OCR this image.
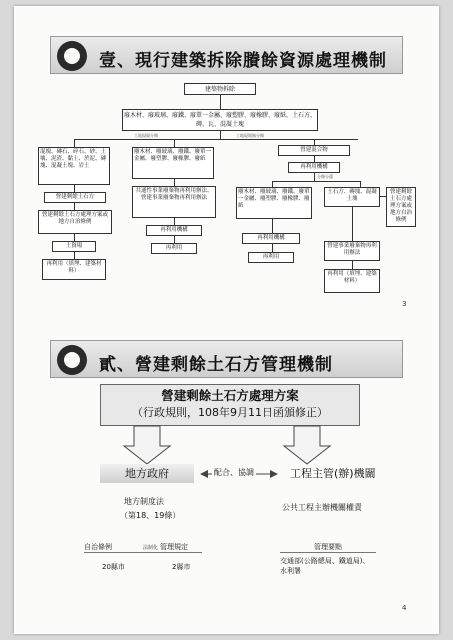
壹、現行建築拆除賸餘資源處理機制
建築物拆除
廢木材、廢玻璃、廢鐵、廢單一金屬、廢塑膠、廢橡膠、廢紙、土石方、磚、瓦、混凝土塊
工地現場分類	工地現場無分類
混塊、磚石、碎石、砂、土壤、泥渣、黏土、於泥、磚塊、混凝土塊、岩土
營建剩餘土石方
營建剩餘土石方處理方案或地方自治條例
土資場
再利用（填埋、建築材料）
廢木材、廢玻璃、廢鐵、廢單一金屬、廢塑膠、廢橡膠、廢紙
共通性事業廢棄物再利用辦法、營建事業廢棄物再利用辦法
再利用機構
再利用
營建混合物
再利用機構
分類分選
廢木材、廢玻璃、廢鐵、廢單一金屬、廢塑膠、廢橡膠、廢紙
土石方、磚塊、混凝土塊
營建剩餘土石方處理方案或地方自治條例
再利用機構
營建事業廢棄物再利用辦法
再利用（填埋、建築材料）
再利用
3
貳、營建剩餘土石方管理機制
營建剩餘土石方處理方案
（行政規則，108年9月11日函頒修正）
地方政府	配合、協調	工程主管(辦)機關
地方制度法
（第18、19條）
公共工程主辦機關權責
自治條例	法制化 管理規定
20縣市	2縣市
管理要點
交通部(公路總局、鐵道局)、水利署
4
